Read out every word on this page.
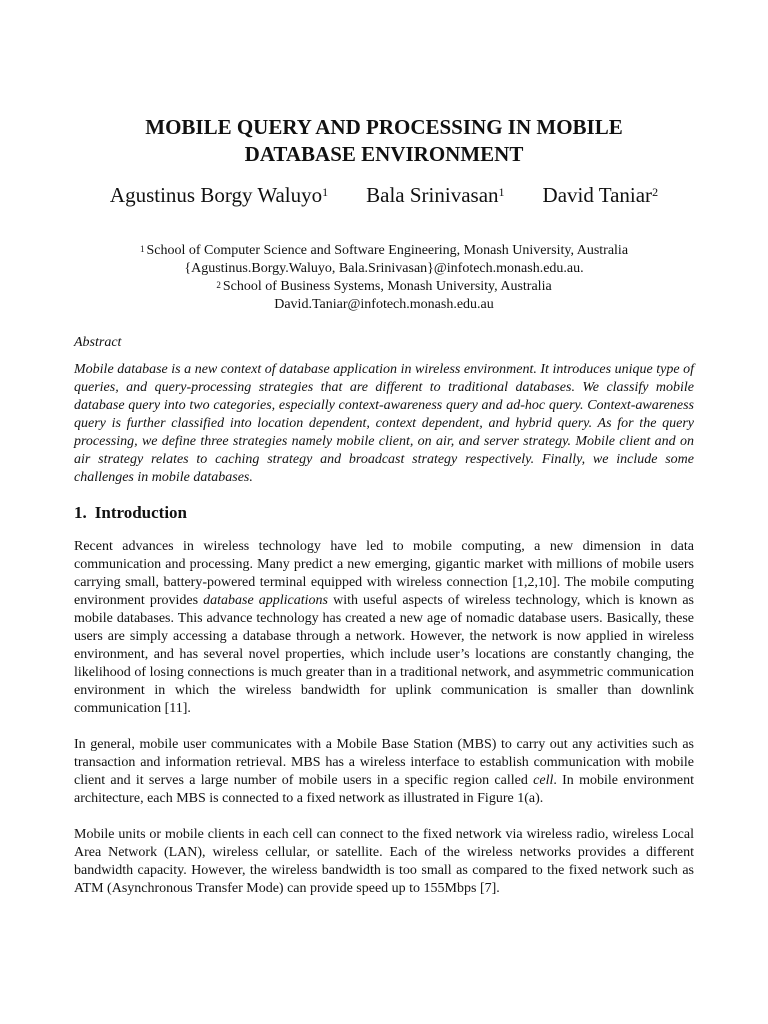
MOBILE QUERY AND PROCESSING IN MOBILE
DATABASE ENVIRONMENT
Agustinus Borgy Waluyo$^1$ Bala Srinivasan$^1$ David Taniar$^2$
$^1$ School of Computer Science and Software Engineering, Monash University, Australia
{Agustinus.Borgy.Waluyo, Bala.Srinivasan}@infotech.monash.edu.au.
$^2$ School of Business Systems, Monash University, Australia
David.Taniar@infotech.monash.edu.au
Abstract
Mobile database is a new context of database application in wireless environment. It introduces unique type of queries, and query-processing strategies that are different to traditional databases. We classify mobile database query into two categories, especially context-awareness query and ad-hoc query. Context-awareness query is further classified into location dependent, context dependent, and hybrid query. As for the query processing, we define three strategies namely mobile client, on air, and server strategy. Mobile client and on air strategy relates to caching strategy and broadcast strategy respectively. Finally, we include some challenges in mobile databases.
1. Introduction

Recent advances in wireless technology have led to mobile computing, a new dimension in data communication and processing. Many predict a new emerging, gigantic market with millions of mobile users carrying small, battery-powered terminal equipped with wireless connection [1,2,10]. The mobile computing environment provides database applications with useful aspects of wireless technology, which is known as mobile databases. This advance technology has created a new age of nomadic database users. Basically, these users are simply accessing a database through a network. However, the network is now applied in wireless environment, and has several novel properties, which include user’s locations are constantly changing, the likelihood of losing connections is much greater than in a traditional network, and asymmetric communication environment in which the wireless bandwidth for uplink communication is smaller than downlink communication [11].

In general, mobile user communicates with a Mobile Base Station (MBS) to carry out any activities such as transaction and information retrieval. MBS has a wireless interface to establish communication with mobile client and it serves a large number of mobile users in a specific region called cell. In mobile environment architecture, each MBS is connected to a fixed network as illustrated in Figure 1(a).

Mobile units or mobile clients in each cell can connect to the fixed network via wireless radio, wireless Local Area Network (LAN), wireless cellular, or satellite. Each of the wireless networks provides a different bandwidth capacity. However, the wireless bandwidth is too small as compared to the fixed network such as ATM (Asynchronous Transfer Mode) can provide speed up to 155Mbps [7].
